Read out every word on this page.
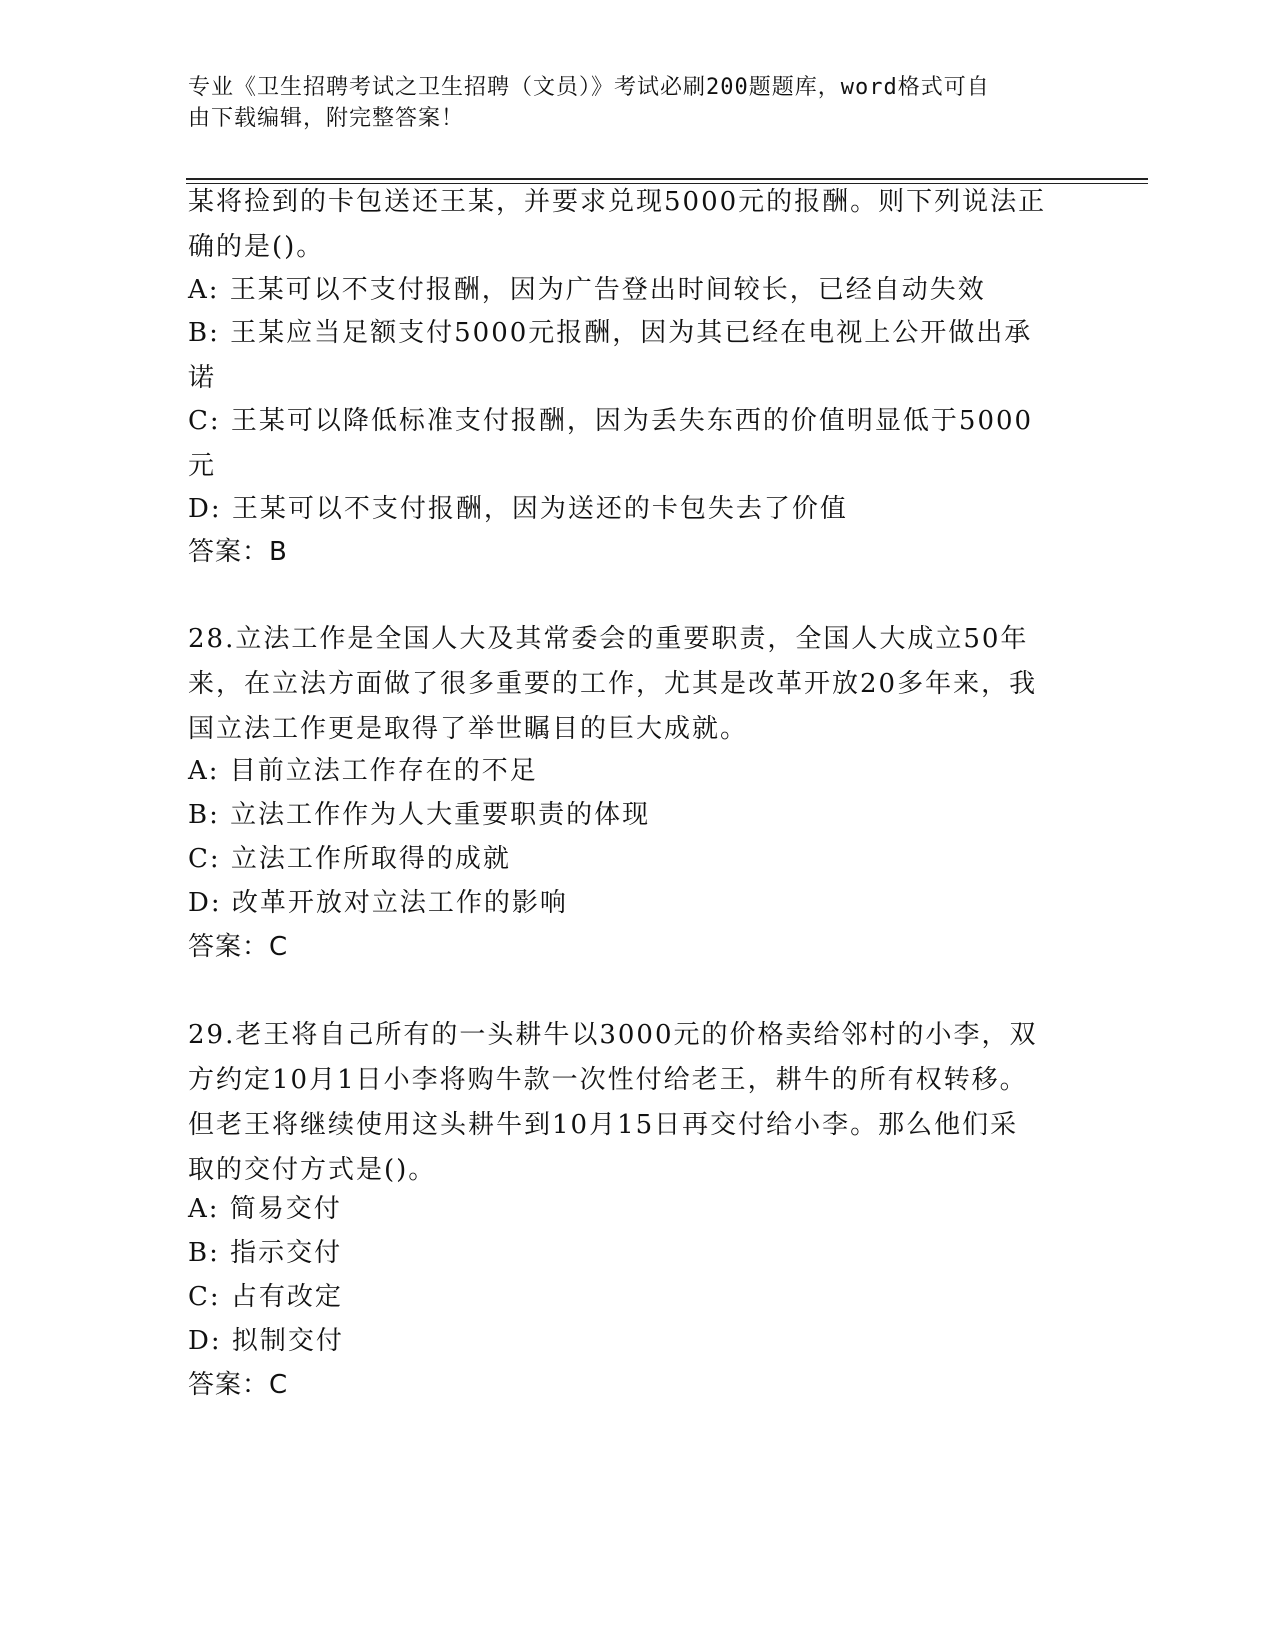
专业《卫生招聘考试之卫生招聘（文员）》考试必刷200题题库，word格式可自
由下载编辑，附完整答案！
某将捡到的卡包送还王某，并要求兑现5000元的报酬。则下列说法正
确的是()。
A: 王某可以不支付报酬，因为广告登出时间较长，已经自动失效
B: 王某应当足额支付5000元报酬，因为其已经在电视上公开做出承
诺
C: 王某可以降低标准支付报酬，因为丢失东西的价值明显低于5000
元
D: 王某可以不支付报酬，因为送还的卡包失去了价值
答案：B
28.立法工作是全国人大及其常委会的重要职责，全国人大成立50年
来，在立法方面做了很多重要的工作，尤其是改革开放20多年来，我
国立法工作更是取得了举世瞩目的巨大成就。
A: 目前立法工作存在的不足
B: 立法工作作为人大重要职责的体现
C: 立法工作所取得的成就
D: 改革开放对立法工作的影响
答案：C
29.老王将自己所有的一头耕牛以3000元的价格卖给邻村的小李，双
方约定10月1日小李将购牛款一次性付给老王，耕牛的所有权转移。
但老王将继续使用这头耕牛到10月15日再交付给小李。那么他们采
取的交付方式是()。
A: 简易交付
B: 指示交付
C: 占有改定
D: 拟制交付
答案：C
